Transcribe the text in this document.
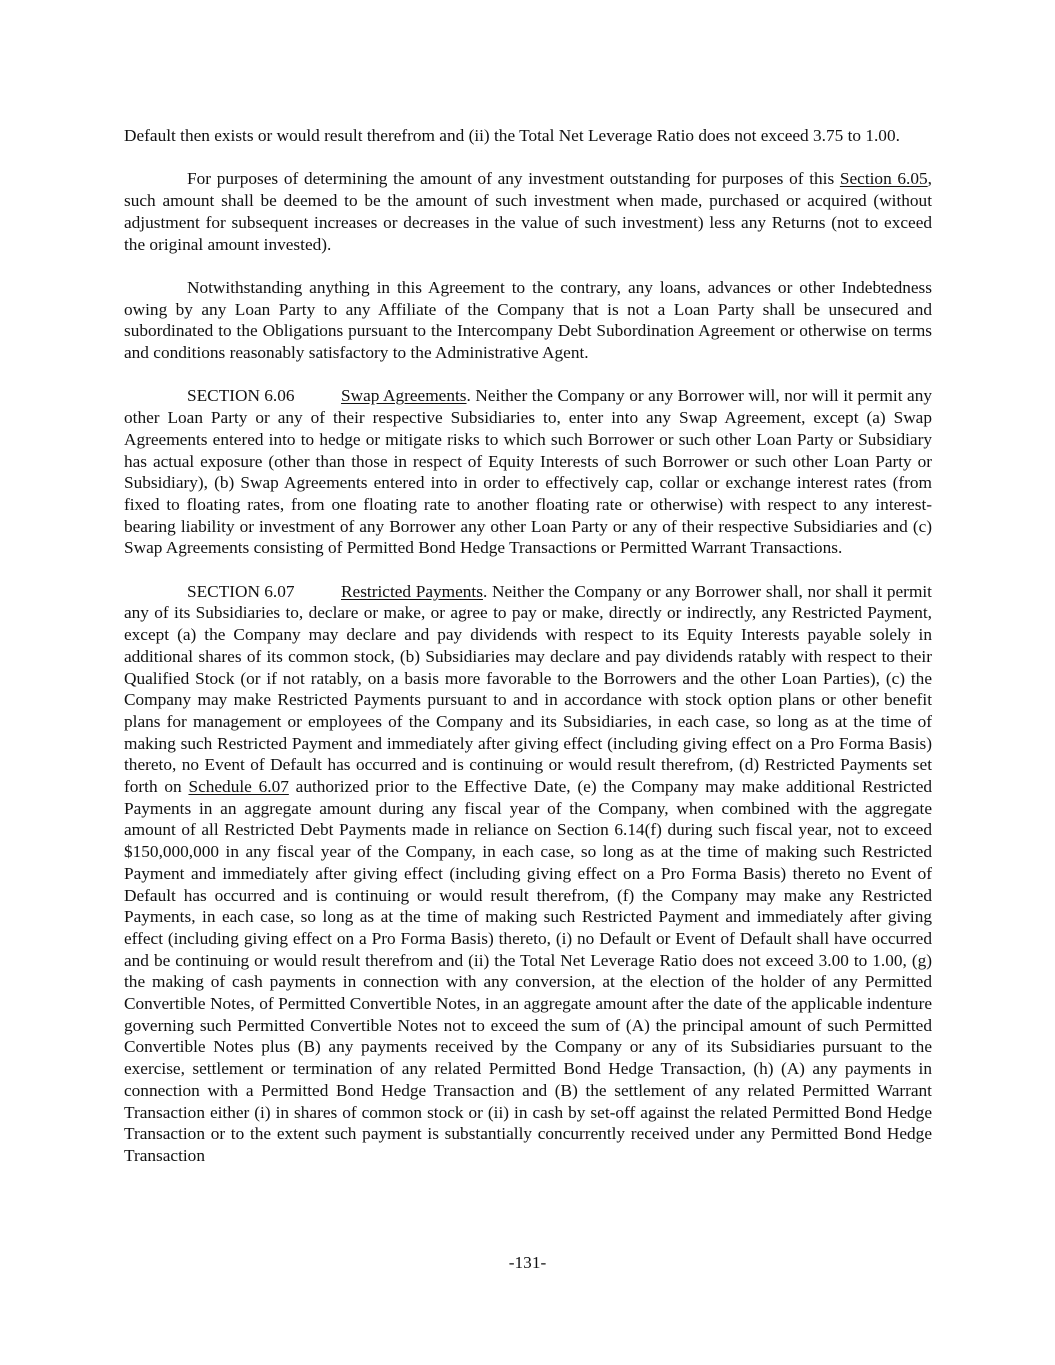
Default then exists or would result therefrom and (ii) the Total Net Leverage Ratio does not exceed 3.75 to 1.00.

For purposes of determining the amount of any investment outstanding for purposes of this Section 6.05, such amount shall be deemed to be the amount of such investment when made, purchased or acquired (without adjustment for subsequent increases or decreases in the value of such investment) less any Returns (not to exceed the original amount invested).

Notwithstanding anything in this Agreement to the contrary, any loans, advances or other Indebtedness owing by any Loan Party to any Affiliate of the Company that is not a Loan Party shall be unsecured and subordinated to the Obligations pursuant to the Intercompany Debt Subordination Agreement or otherwise on terms and conditions reasonably satisfactory to the Administrative Agent.

SECTION 6.06	Swap Agreements. Neither the Company or any Borrower will, nor will it permit any other Loan Party or any of their respective Subsidiaries to, enter into any Swap Agreement, except (a) Swap Agreements entered into to hedge or mitigate risks to which such Borrower or such other Loan Party or Subsidiary has actual exposure (other than those in respect of Equity Interests of such Borrower or such other Loan Party or Subsidiary), (b) Swap Agreements entered into in order to effectively cap, collar or exchange interest rates (from fixed to floating rates, from one floating rate to another floating rate or otherwise) with respect to any interest-bearing liability or investment of any Borrower any other Loan Party or any of their respective Subsidiaries and (c) Swap Agreements consisting of Permitted Bond Hedge Transactions or Permitted Warrant Transactions.

SECTION 6.07	Restricted Payments. Neither the Company or any Borrower shall, nor shall it permit any of its Subsidiaries to, declare or make, or agree to pay or make, directly or indirectly, any Restricted Payment, except (a) the Company may declare and pay dividends with respect to its Equity Interests payable solely in additional shares of its common stock, (b) Subsidiaries may declare and pay dividends ratably with respect to their Qualified Stock (or if not ratably, on a basis more favorable to the Borrowers and the other Loan Parties), (c) the Company may make Restricted Payments pursuant to and in accordance with stock option plans or other benefit plans for management or employees of the Company and its Subsidiaries, in each case, so long as at the time of making such Restricted Payment and immediately after giving effect (including giving effect on a Pro Forma Basis) thereto, no Event of Default has occurred and is continuing or would result therefrom, (d) Restricted Payments set forth on Schedule 6.07 authorized prior to the Effective Date, (e) the Company may make additional Restricted Payments in an aggregate amount during any fiscal year of the Company, when combined with the aggregate amount of all Restricted Debt Payments made in reliance on Section 6.14(f) during such fiscal year, not to exceed $150,000,000 in any fiscal year of the Company, in each case, so long as at the time of making such Restricted Payment and immediately after giving effect (including giving effect on a Pro Forma Basis) thereto no Event of Default has occurred and is continuing or would result therefrom, (f) the Company may make any Restricted Payments, in each case, so long as at the time of making such Restricted Payment and immediately after giving effect (including giving effect on a Pro Forma Basis) thereto, (i) no Default or Event of Default shall have occurred and be continuing or would result therefrom and (ii) the Total Net Leverage Ratio does not exceed 3.00 to 1.00, (g) the making of cash payments in connection with any conversion, at the election of the holder of any Permitted Convertible Notes, of Permitted Convertible Notes, in an aggregate amount after the date of the applicable indenture governing such Permitted Convertible Notes not to exceed the sum of (A) the principal amount of such Permitted Convertible Notes plus (B) any payments received by the Company or any of its Subsidiaries pursuant to the exercise, settlement or termination of any related Permitted Bond Hedge Transaction, (h) (A) any payments in connection with a Permitted Bond Hedge Transaction and (B) the settlement of any related Permitted Warrant Transaction either (i) in shares of common stock or (ii) in cash by set-off against the related Permitted Bond Hedge Transaction or to the extent such payment is substantially concurrently received under any Permitted Bond Hedge Transaction

-131-
